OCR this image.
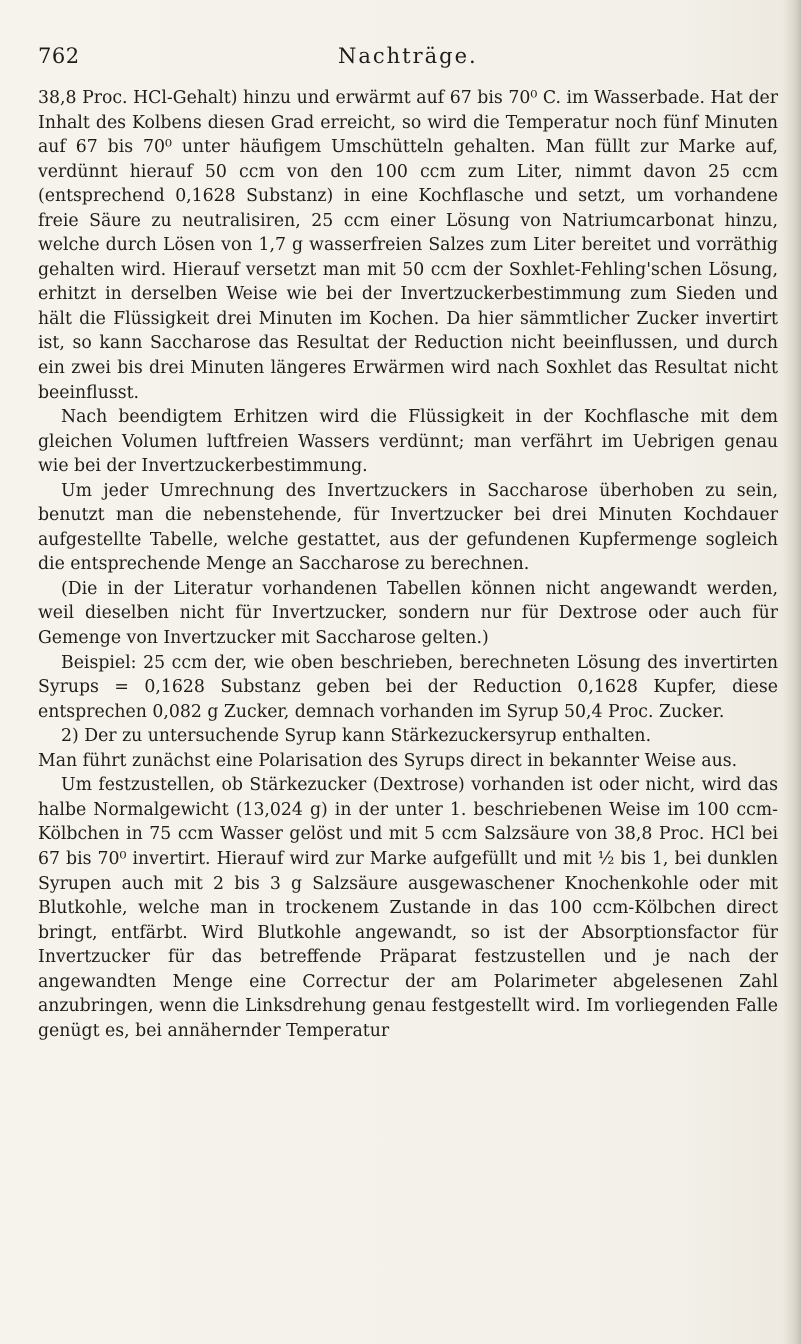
762	Nachträge.

38,8 Proc. HCl-Gehalt) hinzu und erwärmt auf 67 bis 70⁰ C. im Wasserbade. Hat der Inhalt des Kolbens diesen Grad erreicht, so wird die Temperatur noch fünf Minuten auf 67 bis 70⁰ unter häufigem Umschütteln gehalten. Man füllt zur Marke auf, verdünnt hierauf 50 ccm von den 100 ccm zum Liter, nimmt davon 25 ccm (entsprechend 0,1628 Substanz) in eine Kochflasche und setzt, um vorhandene freie Säure zu neutralisiren, 25 ccm einer Lösung von Natriumcarbonat hinzu, welche durch Lösen von 1,7 g wasserfreien Salzes zum Liter bereitet und vorräthig gehalten wird. Hierauf versetzt man mit 50 ccm der Soxhlet-Fehling'schen Lösung, erhitzt in derselben Weise wie bei der Invertzuckerbestimmung zum Sieden und hält die Flüssigkeit drei Minuten im Kochen. Da hier sämmtlicher Zucker invertirt ist, so kann Saccharose das Resultat der Reduction nicht beeinflussen, und durch ein zwei bis drei Minuten längeres Erwärmen wird nach Soxhlet das Resultat nicht beeinflusst.

Nach beendigtem Erhitzen wird die Flüssigkeit in der Kochflasche mit dem gleichen Volumen luftfreien Wassers verdünnt; man verfährt im Uebrigen genau wie bei der Invertzuckerbestimmung.

Um jeder Umrechnung des Invertzuckers in Saccharose überhoben zu sein, benutzt man die nebenstehende, für Invertzucker bei drei Minuten Kochdauer aufgestellte Tabelle, welche gestattet, aus der gefundenen Kupfermenge sogleich die entsprechende Menge an Saccharose zu berechnen.

(Die in der Literatur vorhandenen Tabellen können nicht angewandt werden, weil dieselben nicht für Invertzucker, sondern nur für Dextrose oder auch für Gemenge von Invertzucker mit Saccharose gelten.)

Beispiel: 25 ccm der, wie oben beschrieben, berechneten Lösung des invertirten Syrups = 0,1628 Substanz geben bei der Reduction 0,1628 Kupfer, diese entsprechen 0,082 g Zucker, demnach vorhanden im Syrup 50,4 Proc. Zucker.

2) Der zu untersuchende Syrup kann Stärkezuckersyrup enthalten.

Man führt zunächst eine Polarisation des Syrups direct in bekannter Weise aus.

Um festzustellen, ob Stärkezucker (Dextrose) vorhanden ist oder nicht, wird das halbe Normalgewicht (13,024 g) in der unter 1. beschriebenen Weise im 100 ccm-Kölbchen in 75 ccm Wasser gelöst und mit 5 ccm Salzsäure von 38,8 Proc. HCl bei 67 bis 70⁰ invertirt. Hierauf wird zur Marke aufgefüllt und mit ½ bis 1, bei dunklen Syrupen auch mit 2 bis 3 g Salzsäure ausgewaschener Knochenkohle oder mit Blutkohle, welche man in trockenem Zustande in das 100 ccm-Kölbchen direct bringt, entfärbt. Wird Blutkohle angewandt, so ist der Absorptionsfactor für Invertzucker für das betreffende Präparat festzustellen und je nach der angewandten Menge eine Correctur der am Polarimeter abgelesenen Zahl anzubringen, wenn die Linksdrehung genau festgestellt wird. Im vorliegenden Falle genügt es, bei annähernder Temperatur
